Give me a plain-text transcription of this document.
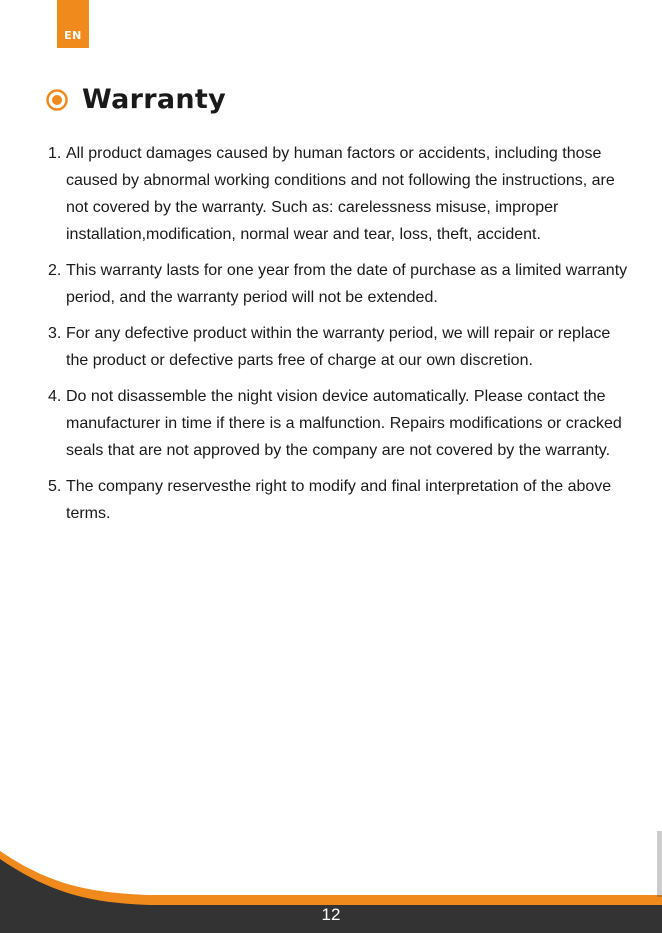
EN
Warranty
1. All product damages caused by human factors or accidents, including those caused by abnormal working conditions and not following the instructions, are not covered by the warranty. Such as: carelessness misuse, improper installation,modification, normal wear and tear, loss, theft, accident.
2. This warranty lasts for one year from the date of purchase as a limited warranty period, and the warranty period will not be extended.
3. For any defective product within the warranty period, we will repair or replace the product or defective parts free of charge at our own discretion.
4. Do not disassemble the night vision device automatically. Please contact the manufacturer in time if there is a malfunction. Repairs modifications or cracked seals that are not approved by the company are not covered by the warranty.
5. The company reservesthe right to modify and final interpretation of the above terms.
12
